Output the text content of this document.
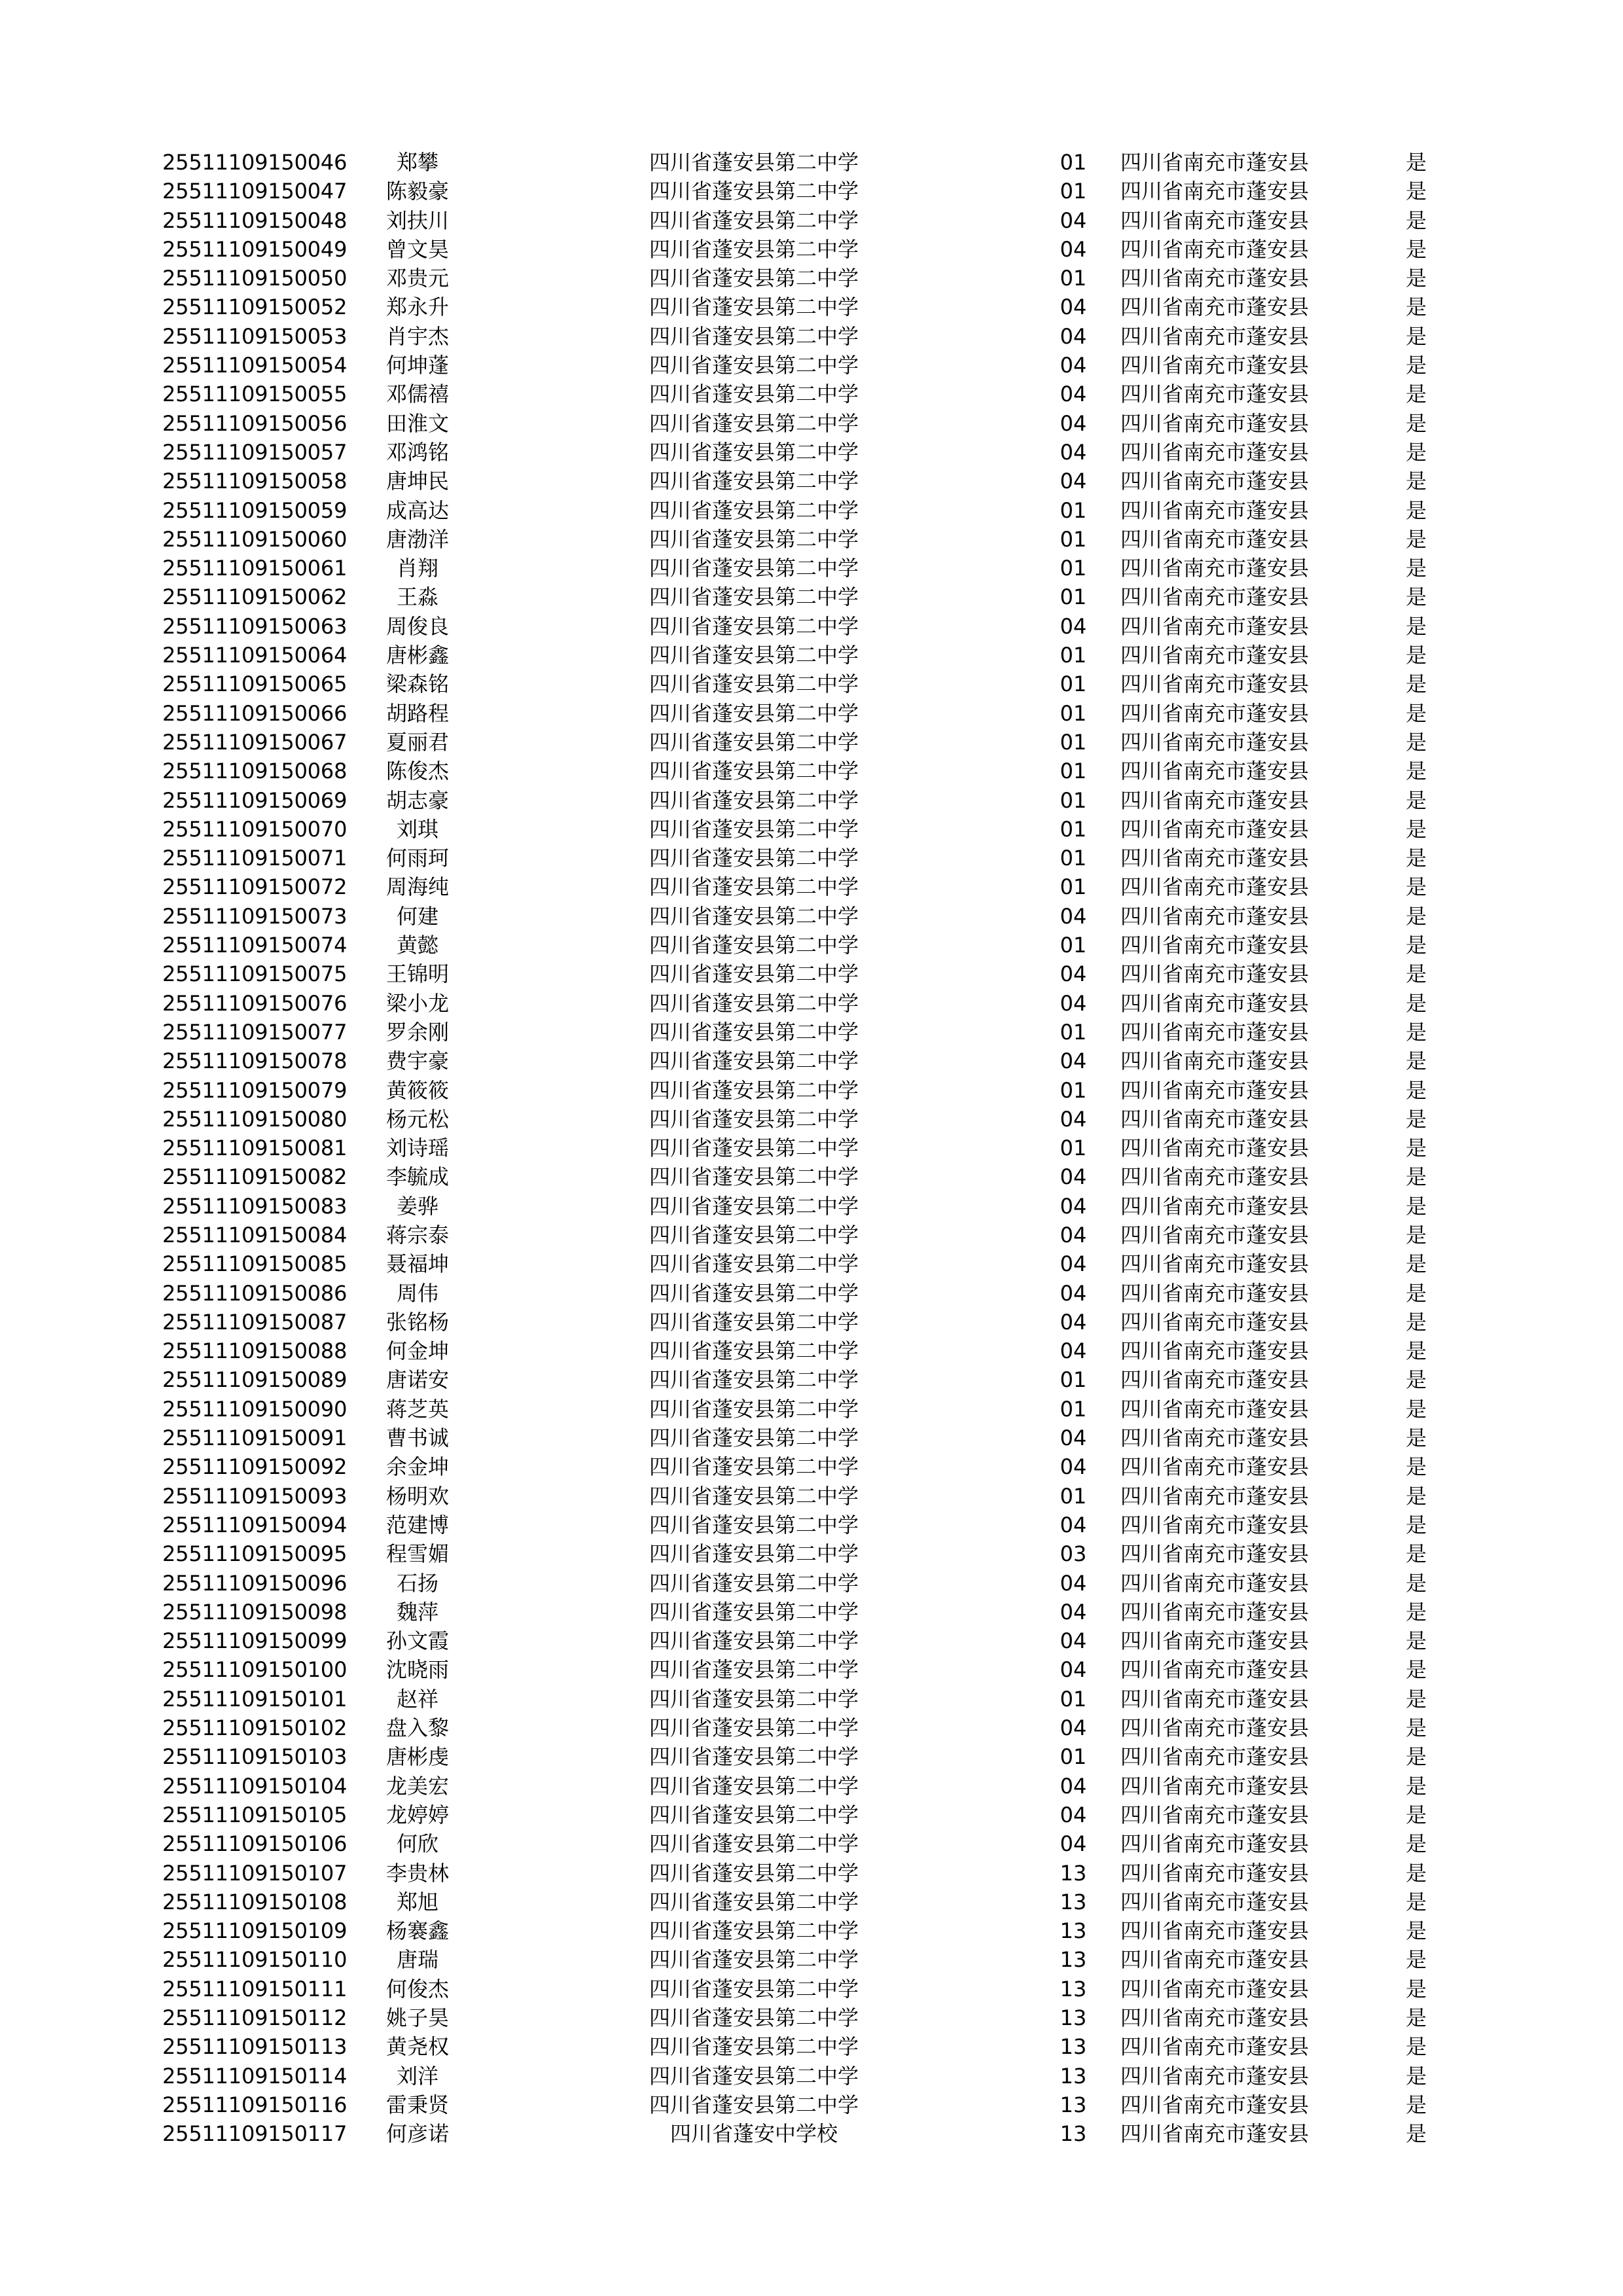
25511109150046	郑攀	四川省蓬安县第二中学	01	四川省南充市蓬安县	是
25511109150047	陈毅豪	四川省蓬安县第二中学	01	四川省南充市蓬安县	是
25511109150048	刘扶川	四川省蓬安县第二中学	04	四川省南充市蓬安县	是
25511109150049	曾文昊	四川省蓬安县第二中学	04	四川省南充市蓬安县	是
25511109150050	邓贵元	四川省蓬安县第二中学	01	四川省南充市蓬安县	是
25511109150052	郑永升	四川省蓬安县第二中学	04	四川省南充市蓬安县	是
25511109150053	肖宇杰	四川省蓬安县第二中学	04	四川省南充市蓬安县	是
25511109150054	何坤蓬	四川省蓬安县第二中学	04	四川省南充市蓬安县	是
25511109150055	邓儒禧	四川省蓬安县第二中学	04	四川省南充市蓬安县	是
25511109150056	田淮文	四川省蓬安县第二中学	04	四川省南充市蓬安县	是
25511109150057	邓鸿铭	四川省蓬安县第二中学	04	四川省南充市蓬安县	是
25511109150058	唐坤民	四川省蓬安县第二中学	04	四川省南充市蓬安县	是
25511109150059	成高达	四川省蓬安县第二中学	01	四川省南充市蓬安县	是
25511109150060	唐渤洋	四川省蓬安县第二中学	01	四川省南充市蓬安县	是
25511109150061	肖翔	四川省蓬安县第二中学	01	四川省南充市蓬安县	是
25511109150062	王淼	四川省蓬安县第二中学	01	四川省南充市蓬安县	是
25511109150063	周俊良	四川省蓬安县第二中学	04	四川省南充市蓬安县	是
25511109150064	唐彬鑫	四川省蓬安县第二中学	01	四川省南充市蓬安县	是
25511109150065	梁森铭	四川省蓬安县第二中学	01	四川省南充市蓬安县	是
25511109150066	胡路程	四川省蓬安县第二中学	01	四川省南充市蓬安县	是
25511109150067	夏丽君	四川省蓬安县第二中学	01	四川省南充市蓬安县	是
25511109150068	陈俊杰	四川省蓬安县第二中学	01	四川省南充市蓬安县	是
25511109150069	胡志豪	四川省蓬安县第二中学	01	四川省南充市蓬安县	是
25511109150070	刘琪	四川省蓬安县第二中学	01	四川省南充市蓬安县	是
25511109150071	何雨珂	四川省蓬安县第二中学	01	四川省南充市蓬安县	是
25511109150072	周海纯	四川省蓬安县第二中学	01	四川省南充市蓬安县	是
25511109150073	何建	四川省蓬安县第二中学	04	四川省南充市蓬安县	是
25511109150074	黄懿	四川省蓬安县第二中学	01	四川省南充市蓬安县	是
25511109150075	王锦明	四川省蓬安县第二中学	04	四川省南充市蓬安县	是
25511109150076	梁小龙	四川省蓬安县第二中学	04	四川省南充市蓬安县	是
25511109150077	罗余刚	四川省蓬安县第二中学	01	四川省南充市蓬安县	是
25511109150078	费宇豪	四川省蓬安县第二中学	04	四川省南充市蓬安县	是
25511109150079	黄筱筱	四川省蓬安县第二中学	01	四川省南充市蓬安县	是
25511109150080	杨元松	四川省蓬安县第二中学	04	四川省南充市蓬安县	是
25511109150081	刘诗瑶	四川省蓬安县第二中学	01	四川省南充市蓬安县	是
25511109150082	李毓成	四川省蓬安县第二中学	04	四川省南充市蓬安县	是
25511109150083	姜骅	四川省蓬安县第二中学	04	四川省南充市蓬安县	是
25511109150084	蒋宗泰	四川省蓬安县第二中学	04	四川省南充市蓬安县	是
25511109150085	聂福坤	四川省蓬安县第二中学	04	四川省南充市蓬安县	是
25511109150086	周伟	四川省蓬安县第二中学	04	四川省南充市蓬安县	是
25511109150087	张铭杨	四川省蓬安县第二中学	04	四川省南充市蓬安县	是
25511109150088	何金坤	四川省蓬安县第二中学	04	四川省南充市蓬安县	是
25511109150089	唐诺安	四川省蓬安县第二中学	01	四川省南充市蓬安县	是
25511109150090	蒋芝英	四川省蓬安县第二中学	01	四川省南充市蓬安县	是
25511109150091	曹书诚	四川省蓬安县第二中学	04	四川省南充市蓬安县	是
25511109150092	余金坤	四川省蓬安县第二中学	04	四川省南充市蓬安县	是
25511109150093	杨明欢	四川省蓬安县第二中学	01	四川省南充市蓬安县	是
25511109150094	范建博	四川省蓬安县第二中学	04	四川省南充市蓬安县	是
25511109150095	程雪媚	四川省蓬安县第二中学	03	四川省南充市蓬安县	是
25511109150096	石扬	四川省蓬安县第二中学	04	四川省南充市蓬安县	是
25511109150098	魏萍	四川省蓬安县第二中学	04	四川省南充市蓬安县	是
25511109150099	孙文霞	四川省蓬安县第二中学	04	四川省南充市蓬安县	是
25511109150100	沈晓雨	四川省蓬安县第二中学	04	四川省南充市蓬安县	是
25511109150101	赵祥	四川省蓬安县第二中学	01	四川省南充市蓬安县	是
25511109150102	盘入黎	四川省蓬安县第二中学	04	四川省南充市蓬安县	是
25511109150103	唐彬虔	四川省蓬安县第二中学	01	四川省南充市蓬安县	是
25511109150104	龙美宏	四川省蓬安县第二中学	04	四川省南充市蓬安县	是
25511109150105	龙婷婷	四川省蓬安县第二中学	04	四川省南充市蓬安县	是
25511109150106	何欣	四川省蓬安县第二中学	04	四川省南充市蓬安县	是
25511109150107	李贵林	四川省蓬安县第二中学	13	四川省南充市蓬安县	是
25511109150108	郑旭	四川省蓬安县第二中学	13	四川省南充市蓬安县	是
25511109150109	杨褰鑫	四川省蓬安县第二中学	13	四川省南充市蓬安县	是
25511109150110	唐瑞	四川省蓬安县第二中学	13	四川省南充市蓬安县	是
25511109150111	何俊杰	四川省蓬安县第二中学	13	四川省南充市蓬安县	是
25511109150112	姚子昊	四川省蓬安县第二中学	13	四川省南充市蓬安县	是
25511109150113	黄尧权	四川省蓬安县第二中学	13	四川省南充市蓬安县	是
25511109150114	刘洋	四川省蓬安县第二中学	13	四川省南充市蓬安县	是
25511109150116	雷秉贤	四川省蓬安县第二中学	13	四川省南充市蓬安县	是
25511109150117	何彦诺	四川省蓬安中学校	13	四川省南充市蓬安县	是
